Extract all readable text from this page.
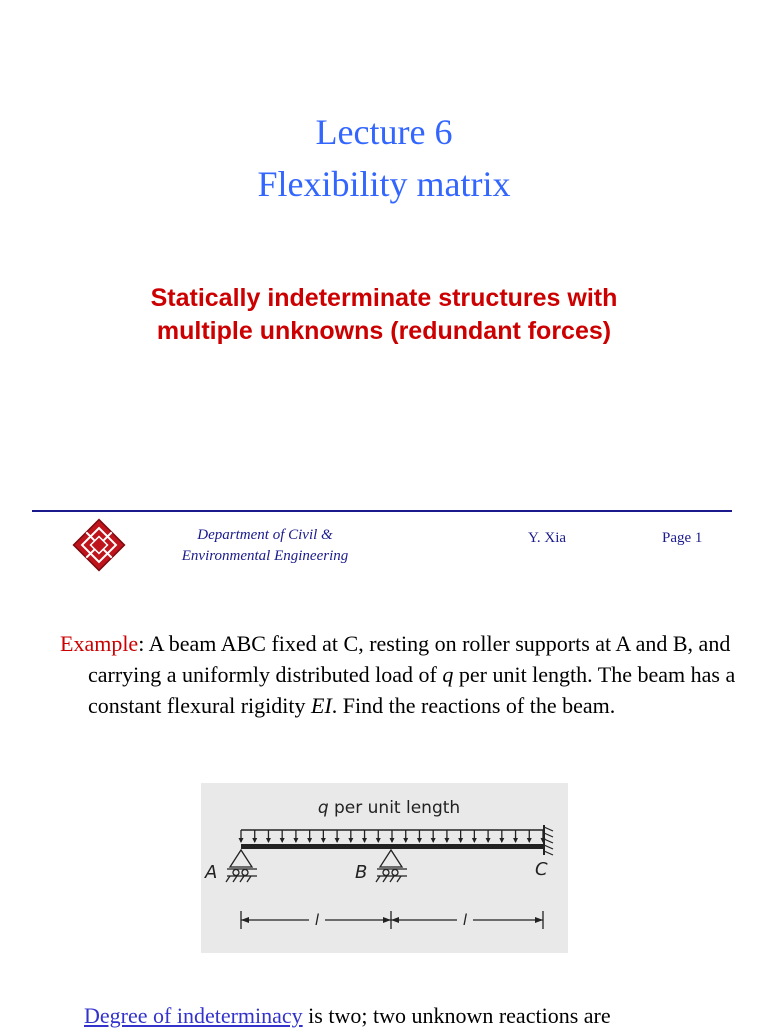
Lecture 6
Flexibility matrix
Statically indeterminate structures with
multiple unknowns (redundant forces)
Department of Civil &
Environmental Engineering
Y. Xia	Page 1
Example: A beam ABC fixed at C, resting on roller supports at A and B, and carrying a uniformly distributed load of q per unit length. The beam has a constant flexural rigidity EI. Find the reactions of the beam.
q per unit length
A	B	C
l	l
Degree of indeterminacy is two; two unknown reactions are
